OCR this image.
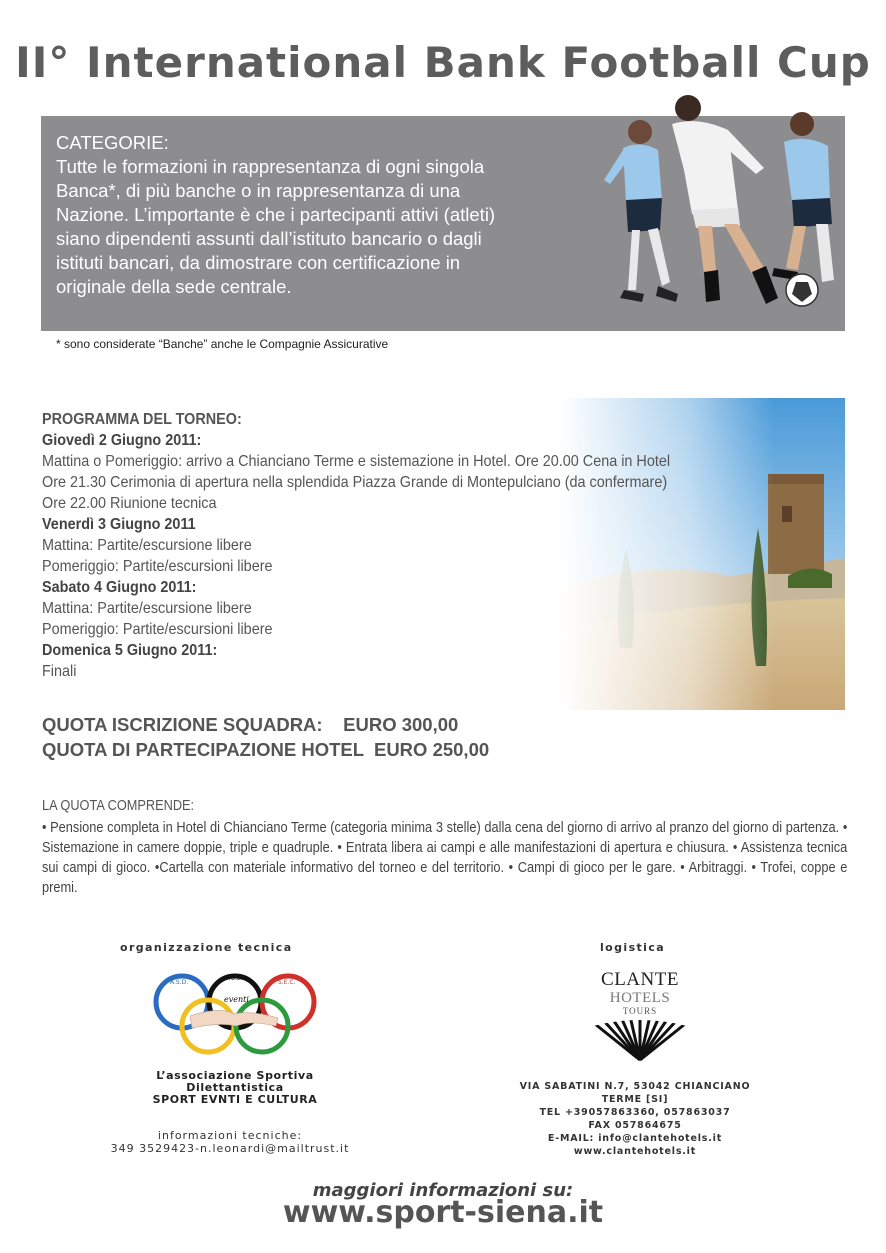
II° International Bank Football Cup
CATEGORIE:
Tutte le formazioni in rappresentanza di ogni singola
Banca*, di più banche o in rappresentanza di una
Nazione. L’importante è che i partecipanti attivi (atleti)
siano dipendenti assunti dall’istituto bancario o dagli
istituti bancari, da dimostrare con certificazione in
originale della sede centrale.
* sono considerate “Banche” anche le Compagnie Assicurative
PROGRAMMA DEL TORNEO:
Giovedì 2 Giugno 2011:
Mattina o Pomeriggio: arrivo a Chianciano Terme e sistemazione in Hotel. Ore 20.00 Cena in Hotel
Ore 21.30 Cerimonia di apertura nella splendida Piazza Grande di Montepulciano (da confermare)
Ore 22.00 Riunione tecnica
Venerdì 3 Giugno 2011
Mattina: Partite/escursione libere
Pomeriggio: Partite/escursioni libere
Sabato 4 Giugno 2011:
Mattina: Partite/escursione libere
Pomeriggio: Partite/escursioni libere
Domenica 5 Giugno 2011:
Finali
QUOTA ISCRIZIONE SQUADRA:    EURO 300,00
QUOTA DI PARTECIPAZIONE HOTEL  EURO 250,00
LA QUOTA COMPRENDE:
• Pensione completa in Hotel di Chianciano Terme (categoria minima 3 stelle) dalla cena del giorno di arrivo al pranzo del giorno di partenza. • Sistemazione in camere doppie, triple e quadruple. • Entrata libera ai campi e alle manifestazioni di apertura e chiusura. • Assistenza tecnica sui campi di gioco. •Cartella con materiale informativo del torneo e del territorio. • Campi di gioco per le gare. • Arbitraggi. • Trofei, coppe e premi.
organizzazione tecnica	logistica
A.S.D.
P.O.L.
S.E.C.
eventi
L’associazione Sportiva
Dilettantistica
SPORT EVNTI E CULTURA
informazioni tecniche:
349 3529423-n.leonardi@mailtrust.it
CLANTE
HOTELS
TOURS
VIA SABATINI N.7, 53042 CHIANCIANO
TERME [SI]
TEL +39057863360, 057863037
FAX 057864675
E-MAIL: info@clantehotels.it
www.clantehotels.it
maggiori informazioni su:
www.sport-siena.it
